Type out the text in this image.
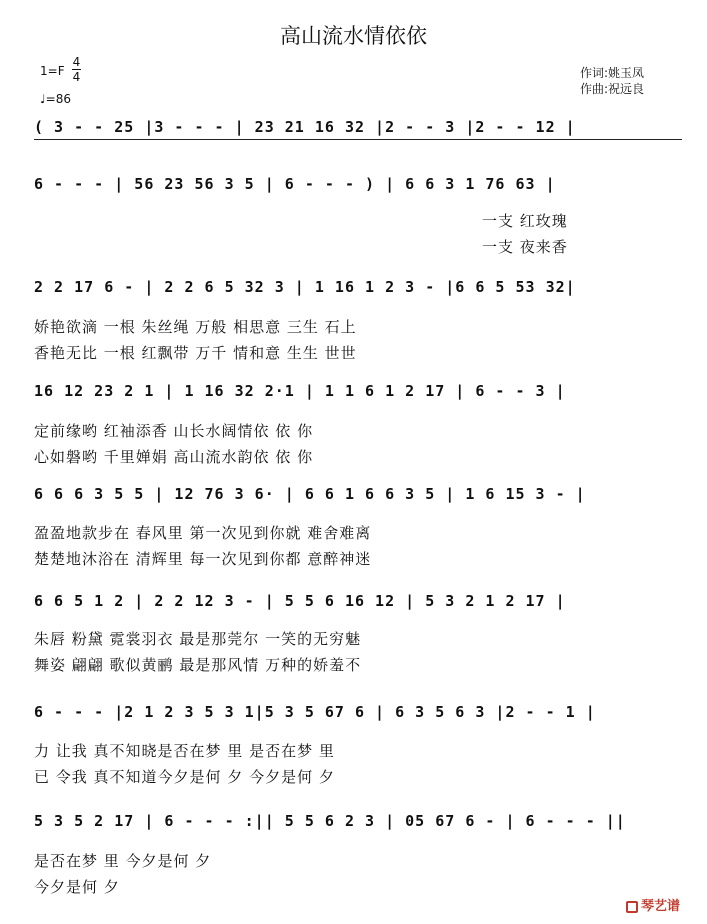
高山流水情依依
1=F
4
4
♩=86
作词:姚玉凤
作曲:祝远良
( 3 - - 25 |3 - - - | 23 21 16 32 |2 - - 3 |2 - - 12 |
6 - - - | 56 23 56 3 5 | 6 - - - ) | 6 6 3 1 76 63 |
一支 红玫瑰
一支 夜来香
2 2 17 6 - | 2 2 6 5 32 3 | 1 16 1 2 3 - |6 6 5 53 32|
娇艳欲滴 一根 朱丝绳 万般 相思意 三生 石上
香艳无比 一根 红飘带 万千 情和意 生生 世世
16 12 23 2 1 | 1 16 32 2·1 | 1 1 6 1 2 17 | 6 - - 3 |
定前缘哟 红袖添香 山长水阔情依 依 你
心如磐哟 千里婵娟 高山流水韵依 依 你
6 6 6 3 5 5 | 12 76 3 6· | 6 6 1 6 6 3 5 | 1 6 15 3 - |
盈盈地款步在 春风里 第一次见到你就 难舍难离
楚楚地沐浴在 清辉里 每一次见到你都 意醉神迷
6 6 5 1 2 | 2 2 12 3 - | 5 5 6 16 12 | 5 3 2 1 2 17 |
朱唇 粉黛 霓裳羽衣 最是那莞尔 一笑的无穷魅
舞姿 翩翩 歌似黄鹂 最是那风情 万种的娇羞不
6 - - - |2 1 2 3 5 3 1|5 3 5 67 6 | 6 3 5 6 3 |2 - - 1 |
力 让我 真不知晓是否在梦 里 是否在梦 里
已 令我 真不知道今夕是何 夕 今夕是何 夕
5 3 5 2 17 | 6 - - - :|| 5 5 6 2 3 | 05 67 6 - | 6 - - - ||
是否在梦 里 今夕是何 夕
今夕是何 夕
琴艺谱
